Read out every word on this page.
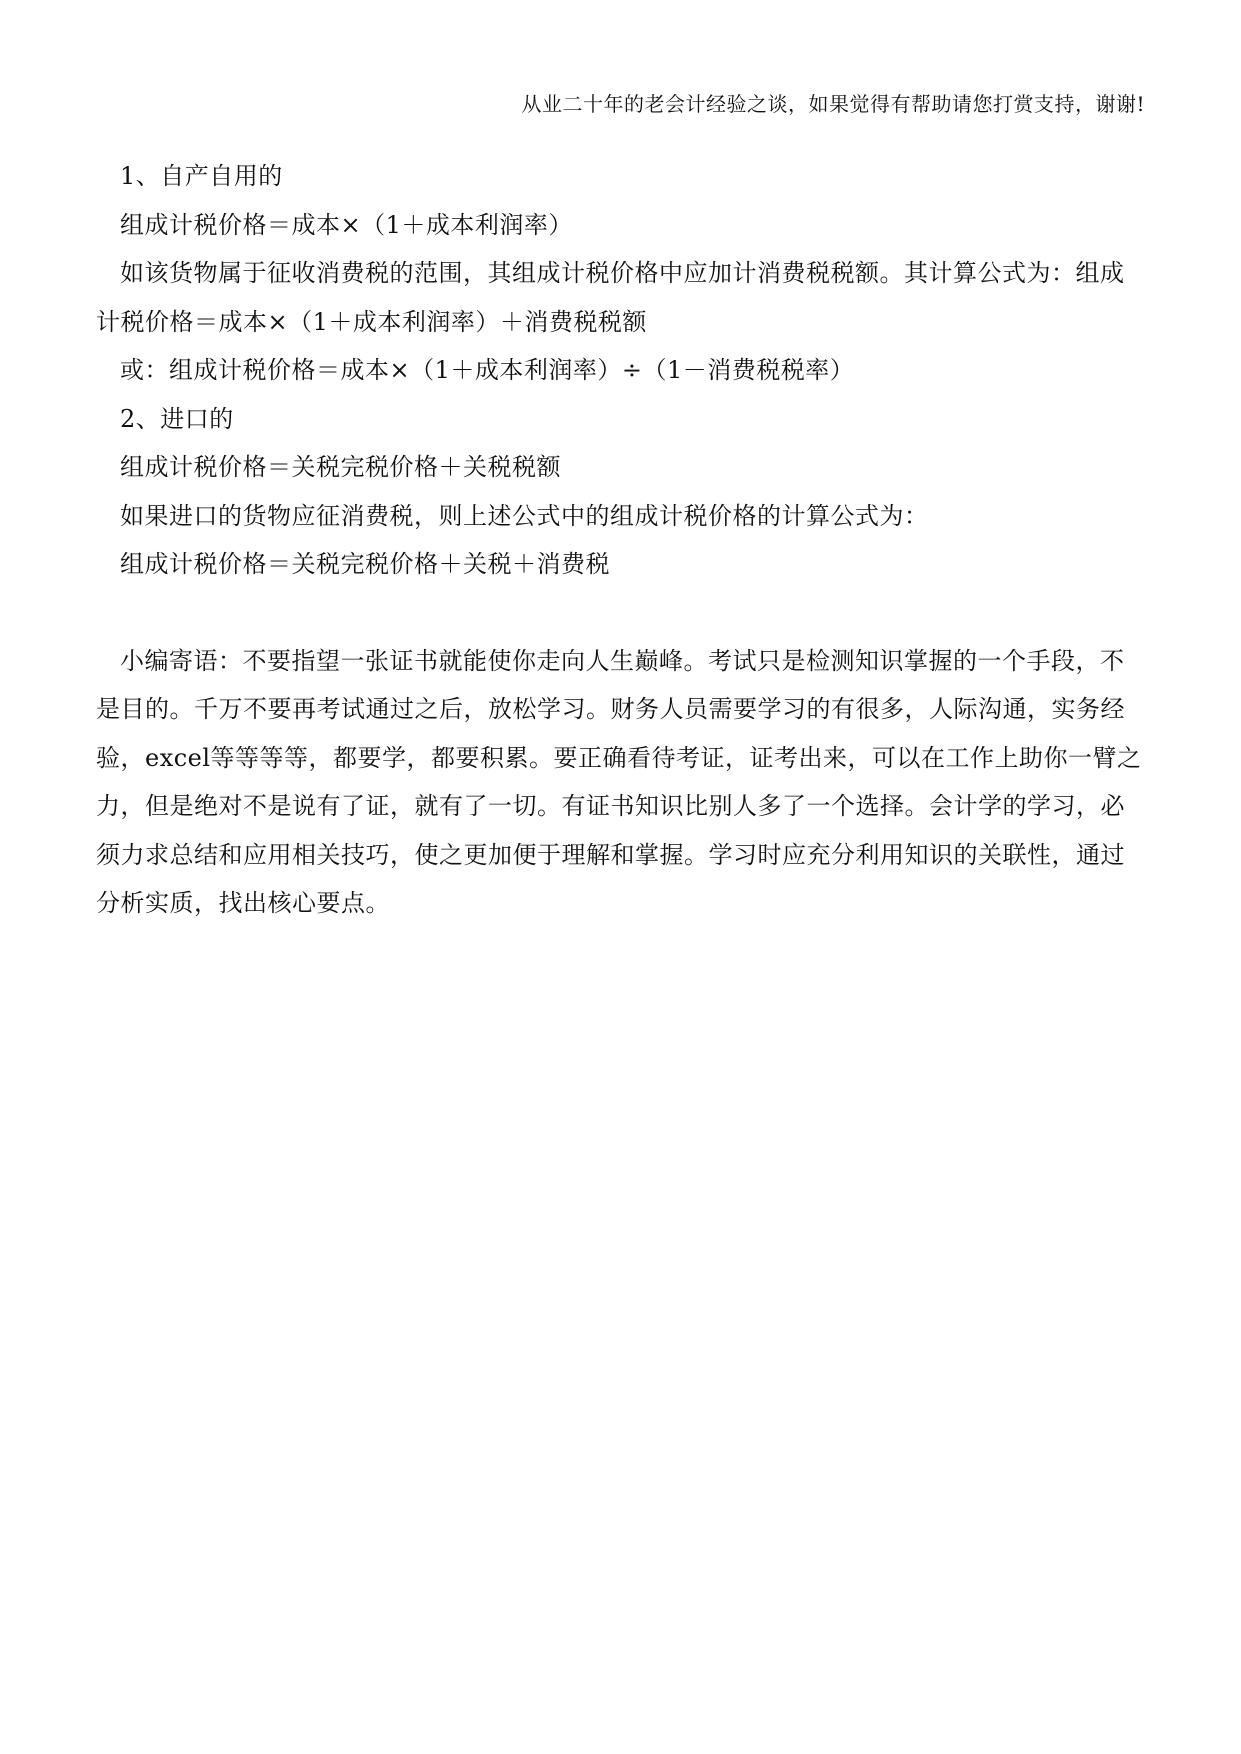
从业二十年的老会计经验之谈，如果觉得有帮助请您打赏支持，谢谢!

1、自产自用的

组成计税价格＝成本×（1＋成本利润率）

如该货物属于征收消费税的范围，其组成计税价格中应加计消费税税额。其计算公式为：组成计税价格＝成本×（1＋成本利润率）＋消费税税额

或：组成计税价格＝成本×（1＋成本利润率）÷（1－消费税税率）

2、进口的

组成计税价格＝关税完税价格＋关税税额

如果进口的货物应征消费税，则上述公式中的组成计税价格的计算公式为：

组成计税价格＝关税完税价格＋关税＋消费税

小编寄语：不要指望一张证书就能使你走向人生巅峰。考试只是检测知识掌握的一个手段，不是目的。千万不要再考试通过之后，放松学习。财务人员需要学习的有很多，人际沟通，实务经验，excel等等等等，都要学，都要积累。要正确看待考证，证考出来，可以在工作上助你一臂之力，但是绝对不是说有了证，就有了一切。有证书知识比别人多了一个选择。会计学的学习，必须力求总结和应用相关技巧，使之更加便于理解和掌握。学习时应充分利用知识的关联性，通过分析实质，找出核心要点。
